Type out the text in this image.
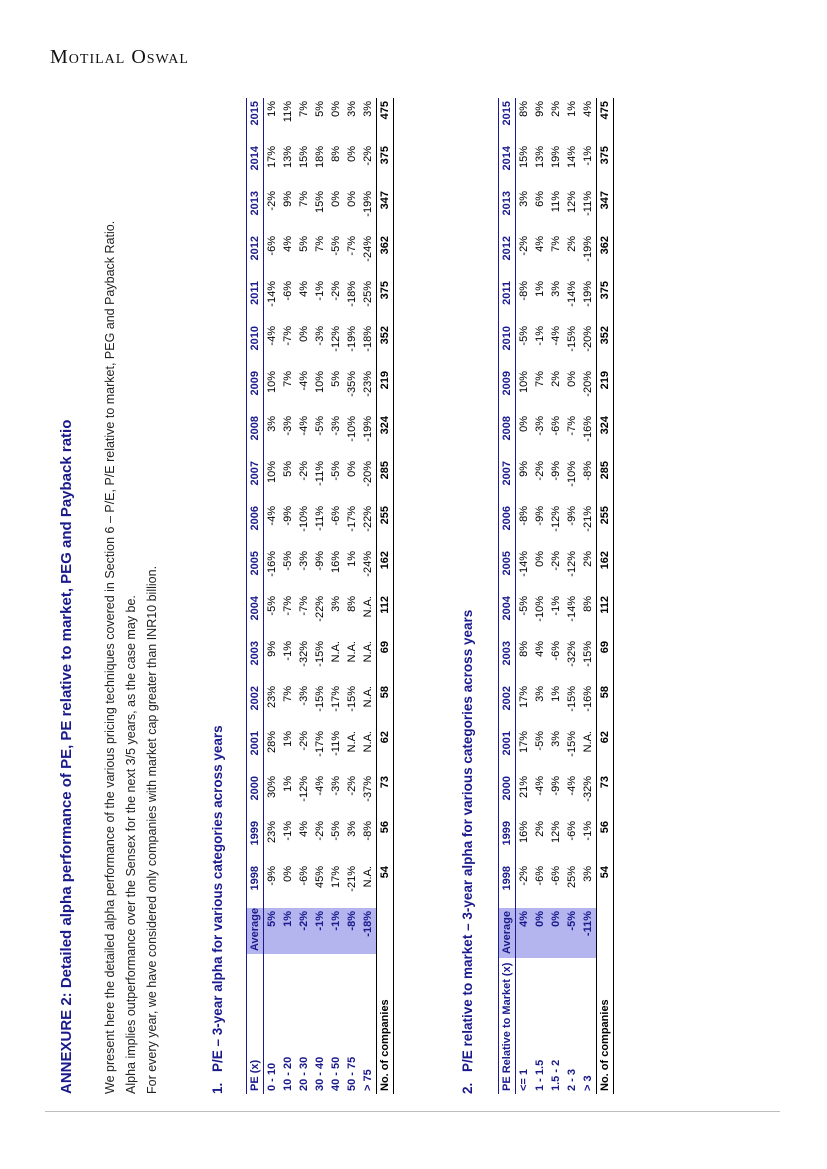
Motilal Oswal
ANNEXURE 2: Detailed alpha performance of PE, PE relative to market, PEG and Payback ratio We present here the detailed alpha performance of the various pricing techniques covered in Section 6 – P/E, P/E relative to market, PEG and Payback Ratio. Alpha implies outperformance over the Sensex for the next 3/5 years, as the case may be. For every year, we have considered only companies with market cap greater than INR10 billion.	1.P/E – 3-year alpha for various categories across years
PE (x)	Average	1998	1999	2000	2001	2002	2003	2004	2005	2006	2007	2008	2009	2010	2011	2012	2013	2014	2015
0 - 10	5%	-9%	23%	30%	28%	23%	9%	-5%	-16%	-4%	10%	3%	10%	-4%	-14%	-6%	-2%	17%	1%
10 - 20	1%	0%	-1%	1%	1%	7%	-1%	-7%	-5%	-9%	5%	-3%	7%	-7%	-6%	4%	9%	13%	11%
20 - 30	-2%	-6%	4%	-12%	-2%	-3%	-32%	-7%	-3%	-10%	-2%	-4%	-4%	0%	4%	5%	7%	15%	7%
30 - 40	-1%	45%	-2%	-4%	-17%	-15%	-15%	-22%	-9%	-11%	-11%	-5%	10%	-3%	-1%	7%	15%	18%	5%
40 - 50	-1%	17%	-5%	-3%	-11%	-17%	N.A.	3%	16%	-6%	-5%	-3%	5%	-12%	-2%	-5%	0%	8%	0%
50 - 75	-8%	-21%	3%	-2%	N.A.	-15%	N.A.	8%	1%	-17%	0%	-10%	-35%	-19%	-18%	-7%	0%	0%	3%
> 75	-18%	N.A.	-8%	-37%	N.A.	N.A.	N.A.	N.A.	-24%	-22%	-20%	-19%	-23%	-18%	-25%	-24%	-19%	-2%	3%
No. of companies		54	56	73	62	58	69	112	162	255	285	324	219	352	375	362	347	375	475
2.P/E relative to market – 3-year alpha for various categories across years PE Relative to Market (x)	Average	1998	1999	2000	2001	2002	2003	2004	2005	2006	2007	2008	2009	2010	2011	2012	2013	2014	2015
<= 1	4%	-2%	16%	21%	17%	17%	8%	-5%	-14%	-8%	9%	0%	10%	-5%	-8%	-2%	3%	15%	8%
1 - 1.5	0%	-6%	2%	-4%	-5%	3%	4%	-10%	0%	-9%	-2%	-3%	7%	-1%	1%	4%	6%	13%	9%
1.5 - 2	0%	-6%	12%	-9%	3%	1%	-6%	-1%	-2%	-12%	-9%	-6%	2%	-4%	3%	7%	11%	19%	2%
2 - 3	-5%	25%	-6%	-4%	-15%	-15%	-32%	-14%	-12%	-9%	-10%	-7%	0%	-15%	-14%	2%	12%	14%	1%
> 3	-11%	3%	-1%	-32%	N.A.	-16%	-15%	8%	2%	-21%	-8%	-16%	-20%	-20%	-19%	-19%	-11%	-1%	4%
No. of companies		54	56	73	62	58	69	112	162	255	285	324	219	352	375	362	347	375	475
